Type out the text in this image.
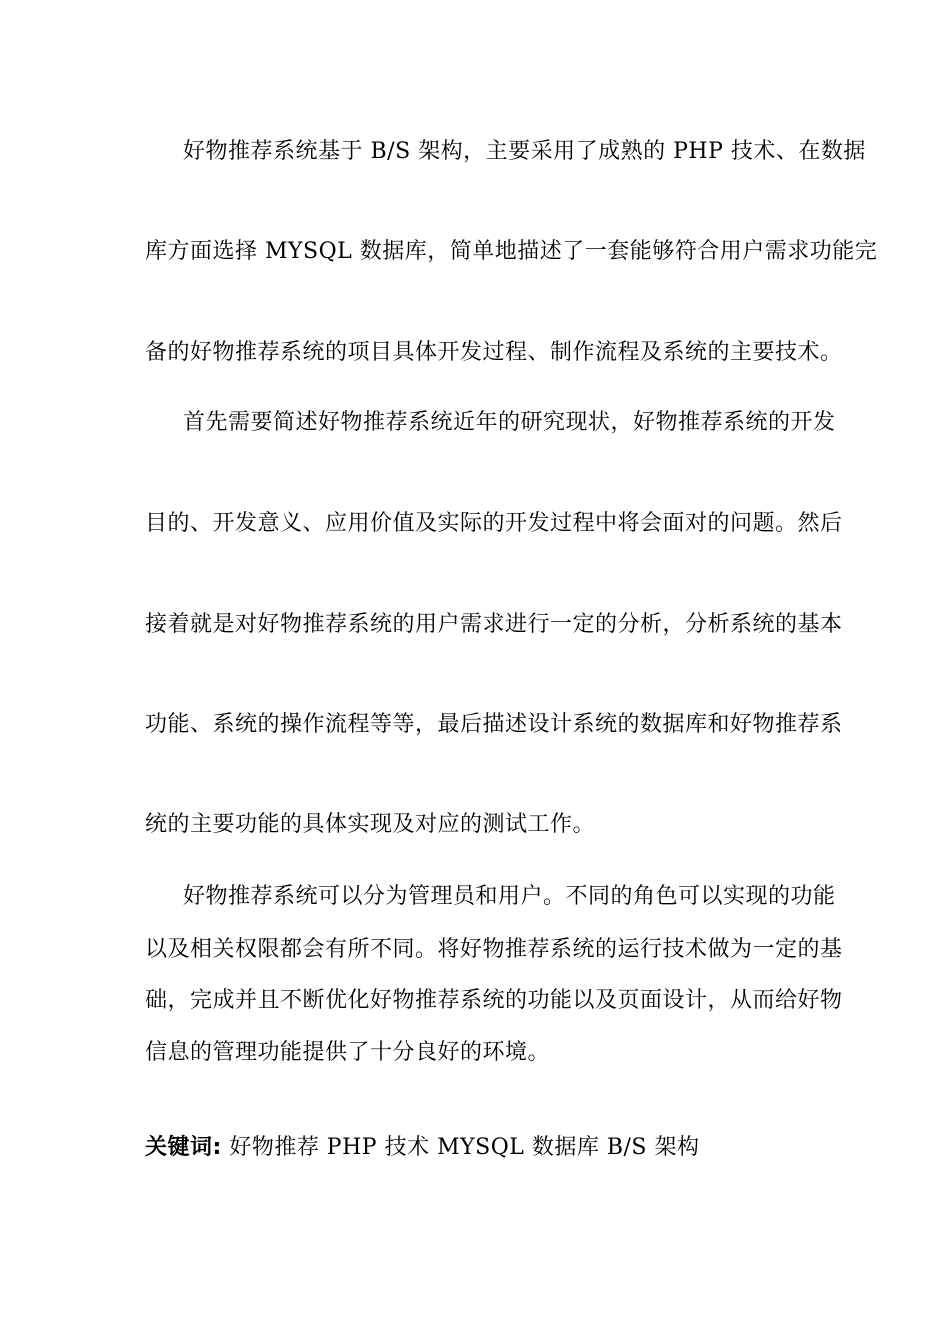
好物推荐系统基于 B/S 架构，主要采用了成熟的 PHP 技术、在数据
库方面选择 MYSQL 数据库，简单地描述了一套能够符合用户需求功能完
备的好物推荐系统的项目具体开发过程、制作流程及系统的主要技术。
首先需要简述好物推荐系统近年的研究现状，好物推荐系统的开发
目的、开发意义、应用价值及实际的开发过程中将会面对的问题。然后
接着就是对好物推荐系统的用户需求进行一定的分析，分析系统的基本
功能、系统的操作流程等等，最后描述设计系统的数据库和好物推荐系
统的主要功能的具体实现及对应的测试工作。
好物推荐系统可以分为管理员和用户。不同的角色可以实现的功能
以及相关权限都会有所不同。将好物推荐系统的运行技术做为一定的基
础，完成并且不断优化好物推荐系统的功能以及页面设计，从而给好物
信息的管理功能提供了十分良好的环境。
关键词: 好物推荐 PHP 技术 MYSQL 数据库 B/S 架构
